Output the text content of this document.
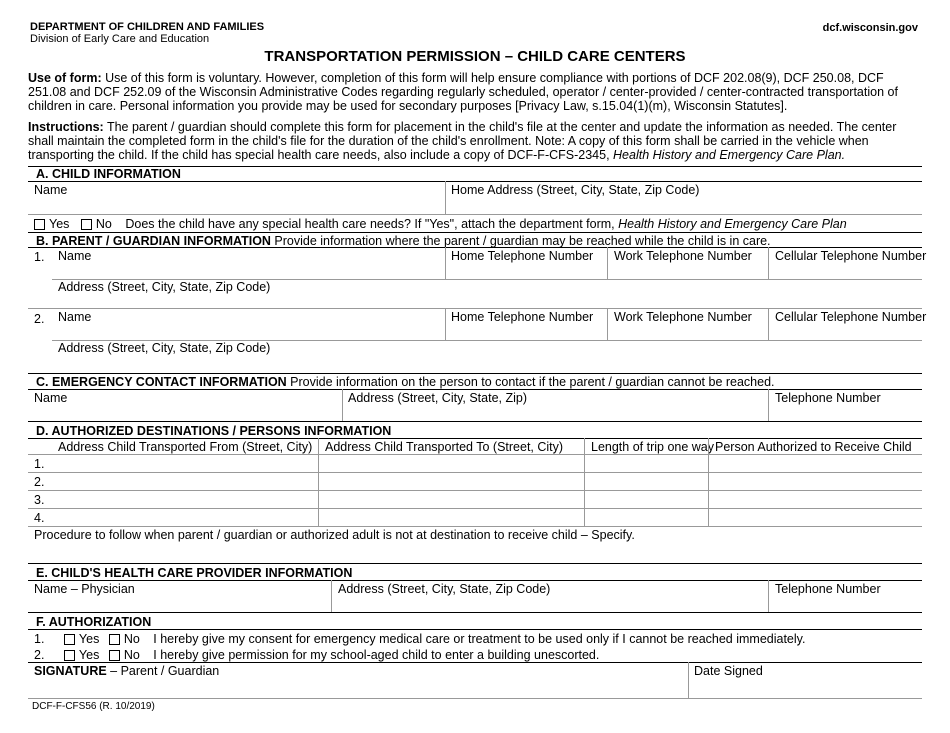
DEPARTMENT OF CHILDREN AND FAMILIES
Division of Early Care and Education
dcf.wisconsin.gov
TRANSPORTATION PERMISSION – CHILD CARE CENTERS

Use of form: Use of this form is voluntary. However, completion of this form will help ensure compliance with portions of DCF 202.08(9), DCF 250.08, DCF 251.08 and DCF 252.09 of the Wisconsin Administrative Codes regarding regularly scheduled, operator / center-provided / center-contracted transportation of children in care. Personal information you provide may be used for secondary purposes [Privacy Law, s.15.04(1)(m), Wisconsin Statutes].

Instructions: The parent / guardian should complete this form for placement in the child's file at the center and update the information as needed. The center shall maintain the completed form in the child's file for the duration of the child's enrollment. Note: A copy of this form shall be carried in the vehicle when transporting the child. If the child has special health care needs, also include a copy of DCF-F-CFS-2345, Health History and Emergency Care Plan.

A. CHILD INFORMATION
Name	Home Address (Street, City, State, Zip Code)
Yes No Does the child have any special health care needs? If "Yes", attach the department form, Health History and Emergency Care Plan
B. PARENT / GUARDIAN INFORMATION Provide information where the parent / guardian may be reached while the child is in care.
1. Name	Home Telephone Number Work Telephone Number Cellular Telephone Number
Address (Street, City, State, Zip Code)
2. Name	Home Telephone Number Work Telephone Number Cellular Telephone Number
Address (Street, City, State, Zip Code)
C. EMERGENCY CONTACT INFORMATION Provide information on the person to contact if the parent / guardian cannot be reached.
Name	Address (Street, City, State, Zip)	Telephone Number
D. AUTHORIZED DESTINATIONS / PERSONS INFORMATION
Address Child Transported From (Street, City) Address Child Transported To (Street, City) Length of trip one way Person Authorized to Receive Child
1.
2.
3.
4.
Procedure to follow when parent / guardian or authorized adult is not at destination to receive child – Specify.
E. CHILD'S HEALTH CARE PROVIDER INFORMATION
Name – Physician	Address (Street, City, State, Zip Code)	Telephone Number
F. AUTHORIZATION
1.	Yes No I hereby give my consent for emergency medical care or treatment to be used only if I cannot be reached immediately.
2.	Yes No I hereby give permission for my school-aged child to enter a building unescorted.
SIGNATURE – Parent / Guardian	Date Signed
DCF-F-CFS56 (R. 10/2019)
